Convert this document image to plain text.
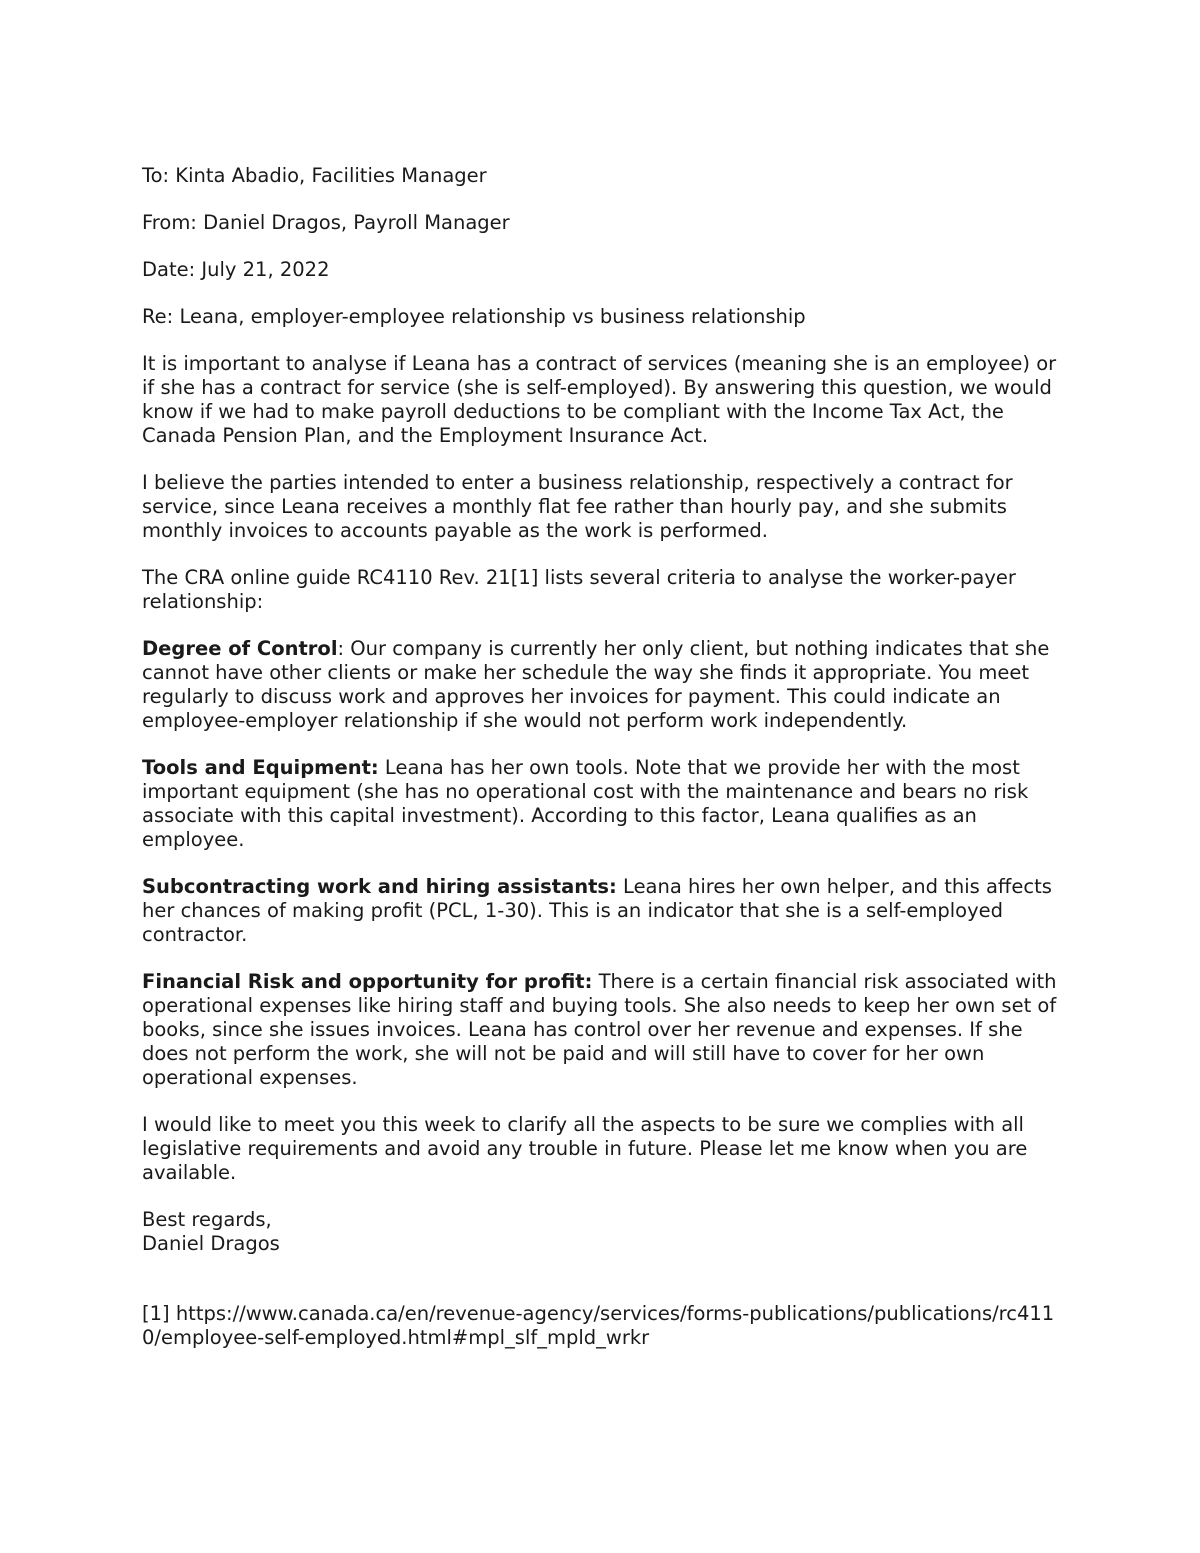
To: Kinta Abadio, Facilities Manager

From: Daniel Dragos, Payroll Manager

Date: July 21, 2022

Re: Leana, employer-employee relationship vs business relationship

It is important to analyse if Leana has a contract of services (meaning she is an employee) or if she has a contract for service (she is self-employed). By answering this question, we would know if we had to make payroll deductions to be compliant with the Income Tax Act, the Canada Pension Plan, and the Employment Insurance Act.

I believe the parties intended to enter a business relationship, respectively a contract for service, since Leana receives a monthly flat fee rather than hourly pay, and she submits monthly invoices to accounts payable as the work is performed.

The CRA online guide RC4110 Rev. 21[1] lists several criteria to analyse the worker-payer relationship:

Degree of Control: Our company is currently her only client, but nothing indicates that she cannot have other clients or make her schedule the way she finds it appropriate. You meet regularly to discuss work and approves her invoices for payment. This could indicate an employee-employer relationship if she would not perform work independently.

Tools and Equipment: Leana has her own tools. Note that we provide her with the most important equipment (she has no operational cost with the maintenance and bears no risk associate with this capital investment). According to this factor, Leana qualifies as an employee.

Subcontracting work and hiring assistants: Leana hires her own helper, and this affects her chances of making profit (PCL, 1-30). This is an indicator that she is a self-employed contractor.

Financial Risk and opportunity for profit: There is a certain financial risk associated with operational expenses like hiring staff and buying tools. She also needs to keep her own set of books, since she issues invoices. Leana has control over her revenue and expenses. If she does not perform the work, she will not be paid and will still have to cover for her own operational expenses.

I would like to meet you this week to clarify all the aspects to be sure we complies with all legislative requirements and avoid any trouble in future. Please let me know when you are available.

Best regards,

Daniel Dragos

[1] https://www.canada.ca/en/revenue-agency/services/forms-publications/publications/rc4110/employee-self-employed.html#mpl_slf_mpld_wrkr
